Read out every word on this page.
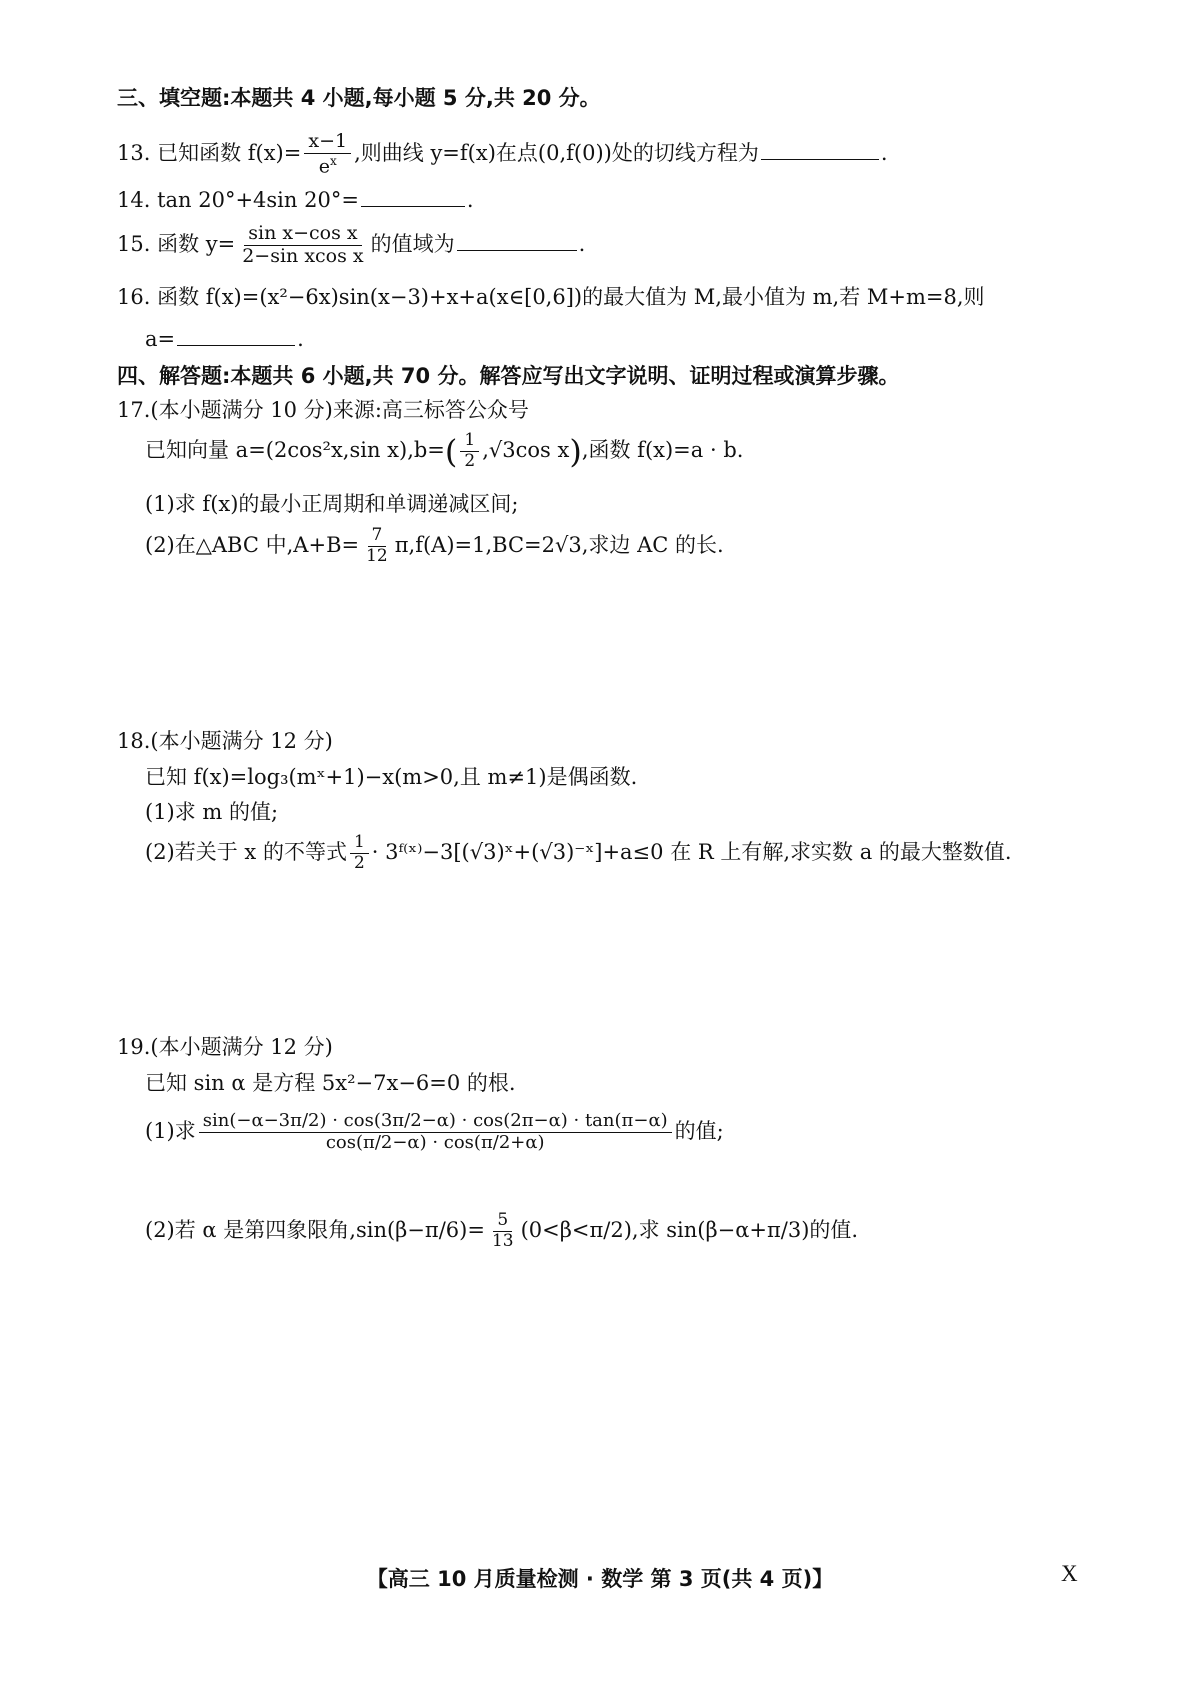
三、填空题:本题共 4 小题,每小题 5 分,共 20 分。
13. 已知函数 $f(x)= \frac{x-1}{e^x}$ ,则曲线 y=f(x)在点(0,f(0))处的切线方程为	.
14. tan 20°+4sin 20°=	.
15. 函数 $y= \frac{\text{sin x−cos x}}{\text{2−sin xcos x}}$ 的值域为	.
16. 函数 f(x)=(x²−6x)sin(x−3)+x+a(x∈[0,6])的最大值为 M,最小值为 m,若 M+m=8,则
a=	.
四、解答题:本题共 6 小题,共 70 分。解答应写出文字说明、证明过程或演算步骤。
17.(本小题满分 10 分)来源:高三标答公众号
已知向量 a=(2cos²x,sin $x),b=( \frac{1}{2} ,√3\cos$ x),函数 f(x)=a · b.
(1)求 f(x)的最小正周期和单调递减区间;
(2)在△ABC 中$,A+B= \frac{7}{12} \pi,f(A)=1,BC=2√3$,求边 AC 的长.
18.(本小题满分 12 分)
已知 f(x)=log₃(mˣ+1)−x(m>0,且 m≠1)是偶函数.
(1)求 m 的值;
(2)若关于 x 的不等式 $\frac{1}{2}$ · 3ᶠ⁽ˣ⁾−3[(√3)ˣ+(√3)⁻ˣ]+a≤0 在 R 上有解,求实数 a 的最大整数值.
19.(本小题满分 12 分)
已知 sin α 是方程 5x²−7x−6=0 的根.
(1)求 $\frac{\sin(-\alpha-3\pi/2) \cdot \cos(3\pi/2-\alpha) \cdot \cos(2\pi-\alpha) \cdot \tan(\pi-\alpha)}{\cos(\pi/2-\alpha) \cdot \cos(\pi/2+\alpha)}$ 的值;
(2)若 α 是第四象限角$,\sin(\beta-\pi/6)= \frac{5}{13} (0<\beta<\pi/2)$,求 sin(β−α+π/3)的值.
【高三 10 月质量检测 · 数学 第 3 页(共 4 页)】	X
